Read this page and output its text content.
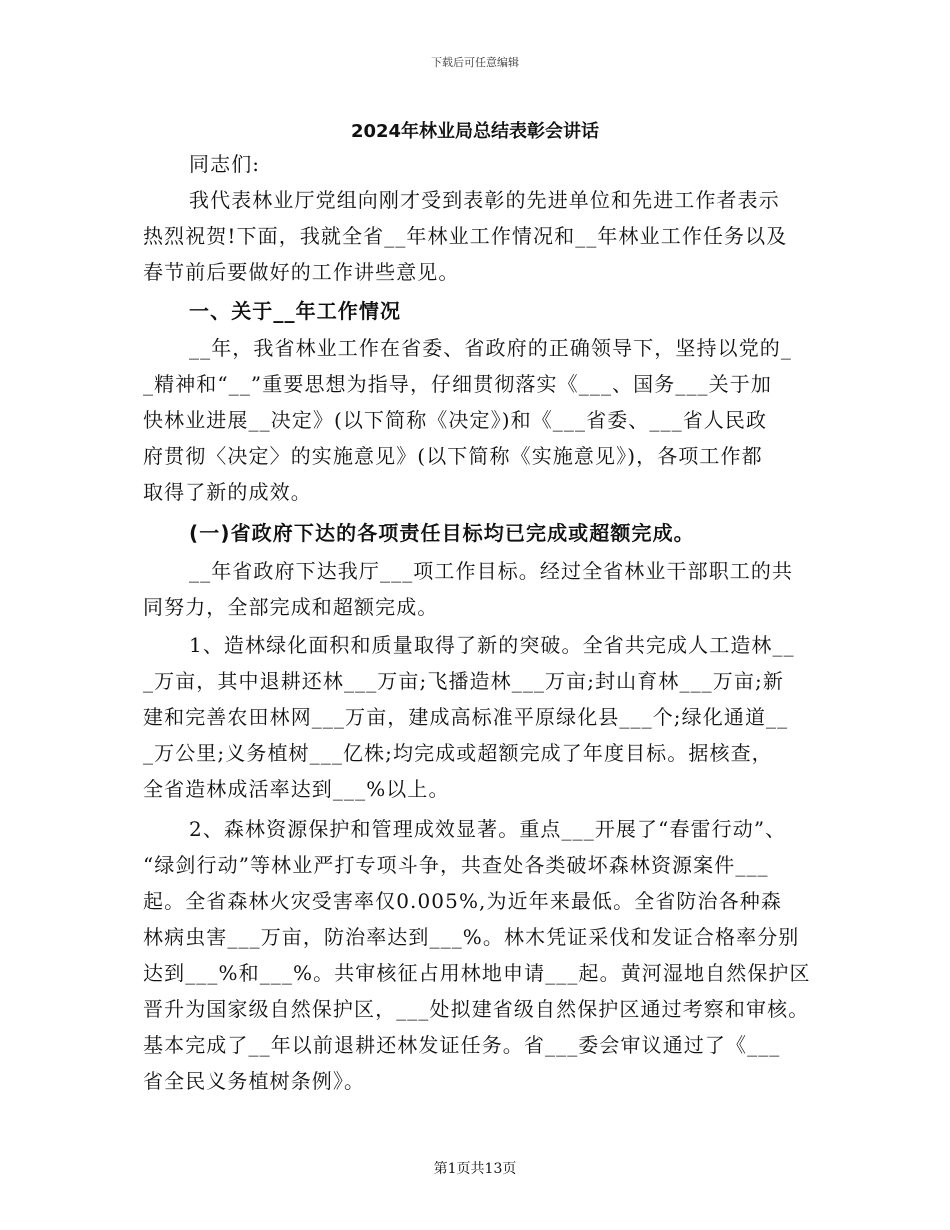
下载后可任意编辑
2024年林业局总结表彰会讲话
同志们:
我代表林业厅党组向刚才受到表彰的先进单位和先进工作者表示
热烈祝贺!下面，我就全省__年林业工作情况和__年林业工作任务以及
春节前后要做好的工作讲些意见。
一、关于__年工作情况
__年，我省林业工作在省委、省政府的正确领导下，坚持以党的_
_精神和“__”重要思想为指导，仔细贯彻落实《___、国务___关于加
快林业进展__决定》(以下简称《决定》)和《___省委、___省人民政
府贯彻〈决定〉的实施意见》(以下简称《实施意见》)，各项工作都
取得了新的成效。
(一)省政府下达的各项责任目标均已完成或超额完成。
__年省政府下达我厅___项工作目标。经过全省林业干部职工的共
同努力，全部完成和超额完成。
1、造林绿化面积和质量取得了新的突破。全省共完成人工造林__
_万亩，其中退耕还林___万亩;飞播造林___万亩;封山育林___万亩;新
建和完善农田林网___万亩，建成高标准平原绿化县___个;绿化通道__
_万公里;义务植树___亿株;均完成或超额完成了年度目标。据核查，
全省造林成活率达到___%以上。
2、森林资源保护和管理成效显著。重点___开展了“春雷行动”、
“绿剑行动”等林业严打专项斗争，共查处各类破坏森林资源案件___
起。全省森林火灾受害率仅0.005%,为近年来最低。全省防治各种森
林病虫害___万亩，防治率达到___%。林木凭证采伐和发证合格率分别
达到___%和___%。共审核征占用林地申请___起。黄河湿地自然保护区
晋升为国家级自然保护区，___处拟建省级自然保护区通过考察和审核。
基本完成了__年以前退耕还林发证任务。省___委会审议通过了《___
省全民义务植树条例》。
第1页共13页
